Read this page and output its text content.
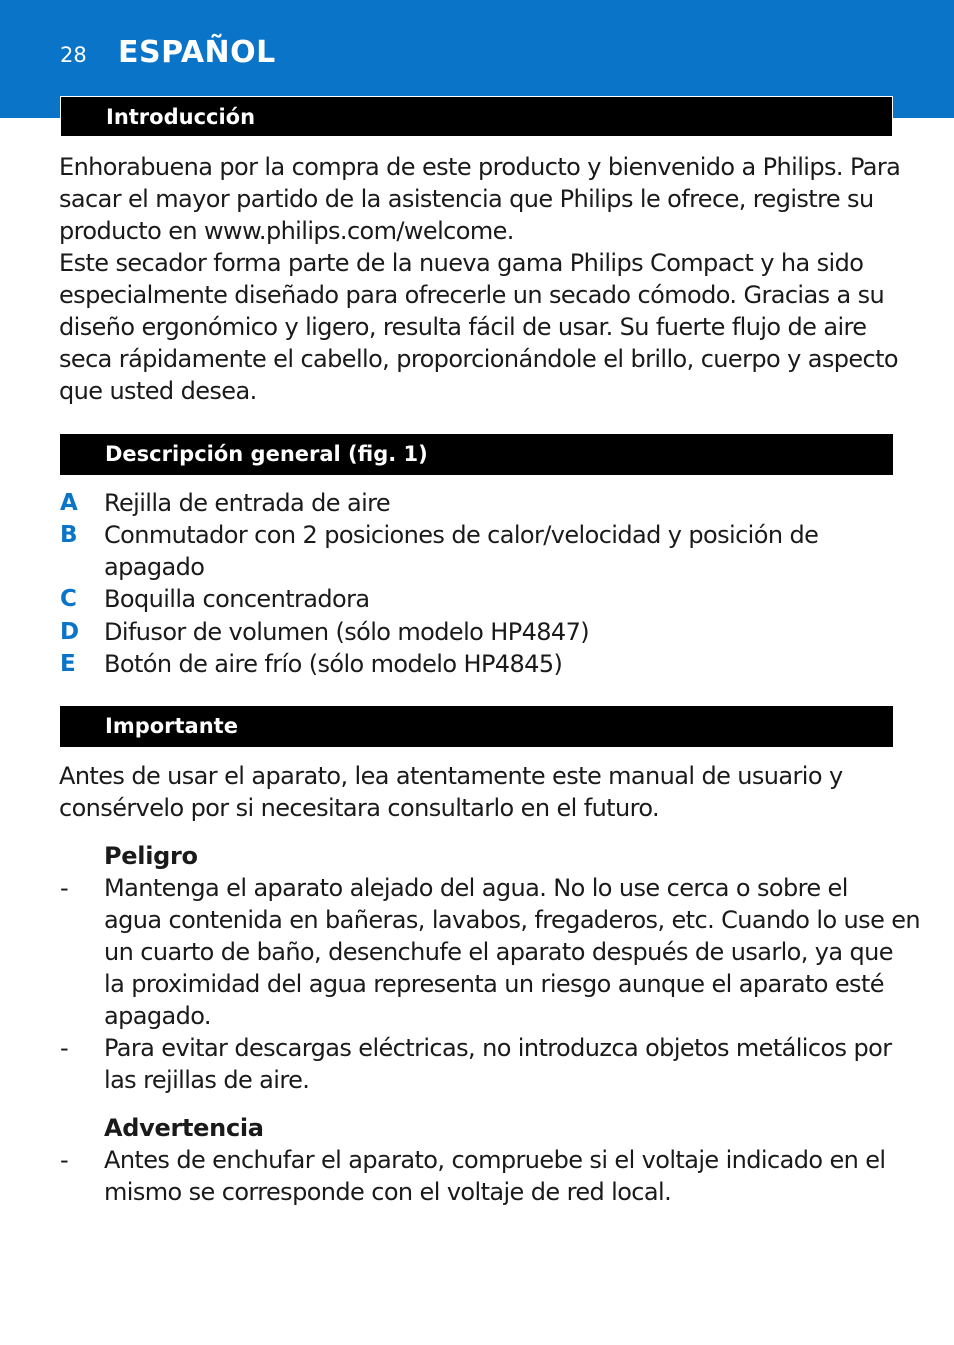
28 ESPAÑOL
Introducción
Enhorabuena por la compra de este producto y bienvenido a Philips. Para
sacar el mayor partido de la asistencia que Philips le ofrece, registre su
producto en www.philips.com/welcome.
Este secador forma parte de la nueva gama Philips Compact y ha sido
especialmente diseñado para ofrecerle un secado cómodo. Gracias a su
diseño ergonómico y ligero, resulta fácil de usar. Su fuerte flujo de aire
seca rápidamente el cabello, proporcionándole el brillo, cuerpo y aspecto
que usted desea.
Descripción general (fig. 1)
A Rejilla de entrada de aire
B Conmutador con 2 posiciones de calor/velocidad y posición de
apagado
C Boquilla concentradora
D Difusor de volumen (sólo modelo HP4847)
E Botón de aire frío (sólo modelo HP4845)
Importante
Antes de usar el aparato, lea atentamente este manual de usuario y
consérvelo por si necesitara consultarlo en el futuro.
Peligro
- Mantenga el aparato alejado del agua. No lo use cerca o sobre el
agua contenida en bañeras, lavabos, fregaderos, etc. Cuando lo use en
un cuarto de baño, desenchufe el aparato después de usarlo, ya que
la proximidad del agua representa un riesgo aunque el aparato esté
apagado.
- Para evitar descargas eléctricas, no introduzca objetos metálicos por
las rejillas de aire.
Advertencia
- Antes de enchufar el aparato, compruebe si el voltaje indicado en el
mismo se corresponde con el voltaje de red local.
